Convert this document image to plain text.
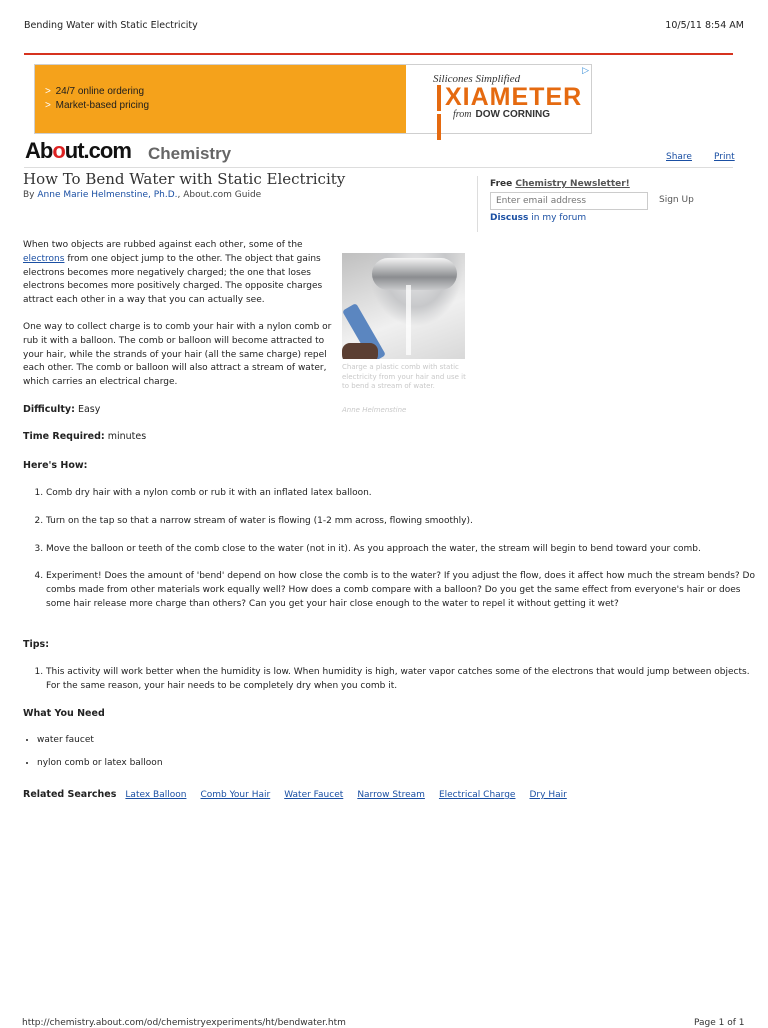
Bending Water with Static Electricity	10/5/11 8:54 AM
> 24/7 online ordering
> Market-based pricing
Silicones Simplified
XIAMETER
from DOW CORNING
▷
About.com Chemistry	Share Print
How To Bend Water with Static Electricity
By Anne Marie Helmenstine, Ph.D., About.com Guide
Free Chemistry Newsletter!
Enter email address
Sign Up
Discuss in my forum
When two objects are rubbed against each other, some of the electrons from one object jump to the other. The object that gains electrons becomes more negatively charged; the one that loses electrons becomes more positively charged. The opposite charges attract each other in a way that you can actually see.
One way to collect charge is to comb your hair with a nylon comb or rub it with a balloon. The comb or balloon will become attracted to your hair, while the strands of your hair (all the same charge) repel each other. The comb or balloon will also attract a stream of water, which carries an electrical charge.
Charge a plastic comb with static electricity from your hair and use it to bend a stream of water.
Anne Helmenstine
Difficulty: Easy
Time Required: minutes
Here's How:
1. Comb dry hair with a nylon comb or rub it with an inflated latex balloon.
2. Turn on the tap so that a narrow stream of water is flowing (1-2 mm across, flowing smoothly).
3. Move the balloon or teeth of the comb close to the water (not in it). As you approach the water, the stream will begin to bend toward your comb.
4. Experiment! Does the amount of 'bend' depend on how close the comb is to the water? If you adjust the flow, does it affect how much the stream bends? Do combs made from other materials work equally well? How does a comb compare with a balloon? Do you get the same effect from everyone's hair or does some hair release more charge than others? Can you get your hair close enough to the water to repel it without getting it wet?
Tips:
1. This activity will work better when the humidity is low. When humidity is high, water vapor catches some of the electrons that would jump between objects. For the same reason, your hair needs to be completely dry when you comb it.
What You Need
• water faucet
• nylon comb or latex balloon
Related Searches Latex Balloon Comb Your Hair Water Faucet Narrow Stream Electrical Charge Dry Hair
http://chemistry.about.com/od/chemistryexperiments/ht/bendwater.htm	Page 1 of 1
